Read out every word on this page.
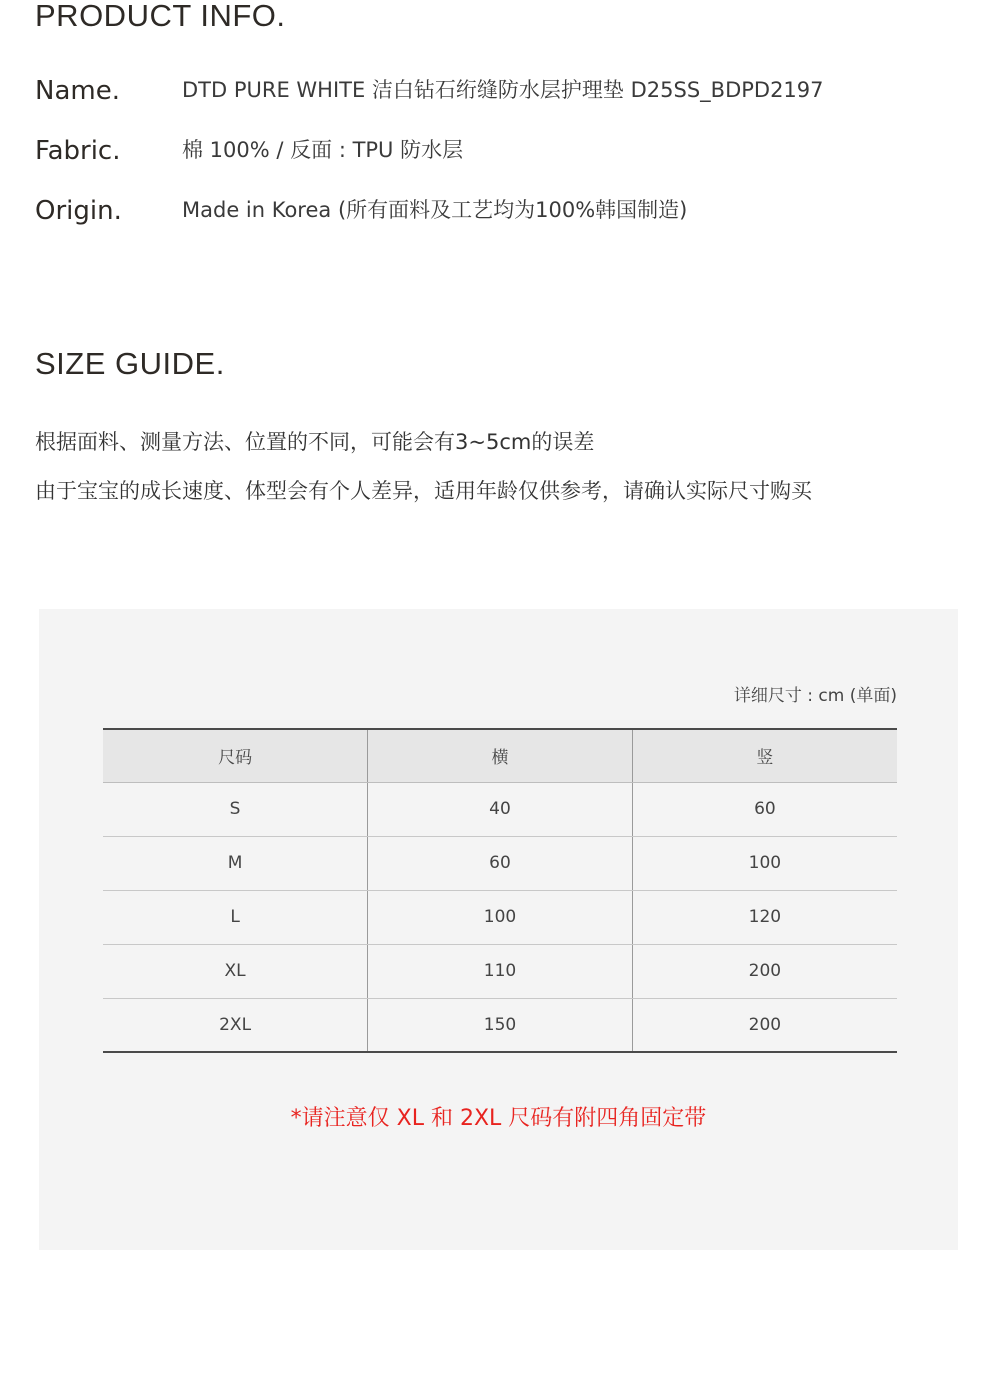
PRODUCT INFO.
Name.	DTD PURE WHITE 洁白钻石绗缝防水层护理垫 D25SS_BDPD2197
Fabric.	棉 100% / 反面 : TPU 防水层
Origin.	Made in Korea (所有面料及工艺均为100%韩国制造)
SIZE GUIDE.
根据面料、测量方法、位置的不同，可能会有3~5cm的误差
由于宝宝的成长速度、体型会有个人差异，适用年龄仅供参考，请确认实际尺寸购买
详细尺寸 : cm (单面)
尺码	横	竖
S	40	60
M	60	100
L	100	120
XL	110	200
2XL	150	200
*请注意仅 XL 和 2XL 尺码有附四角固定带
